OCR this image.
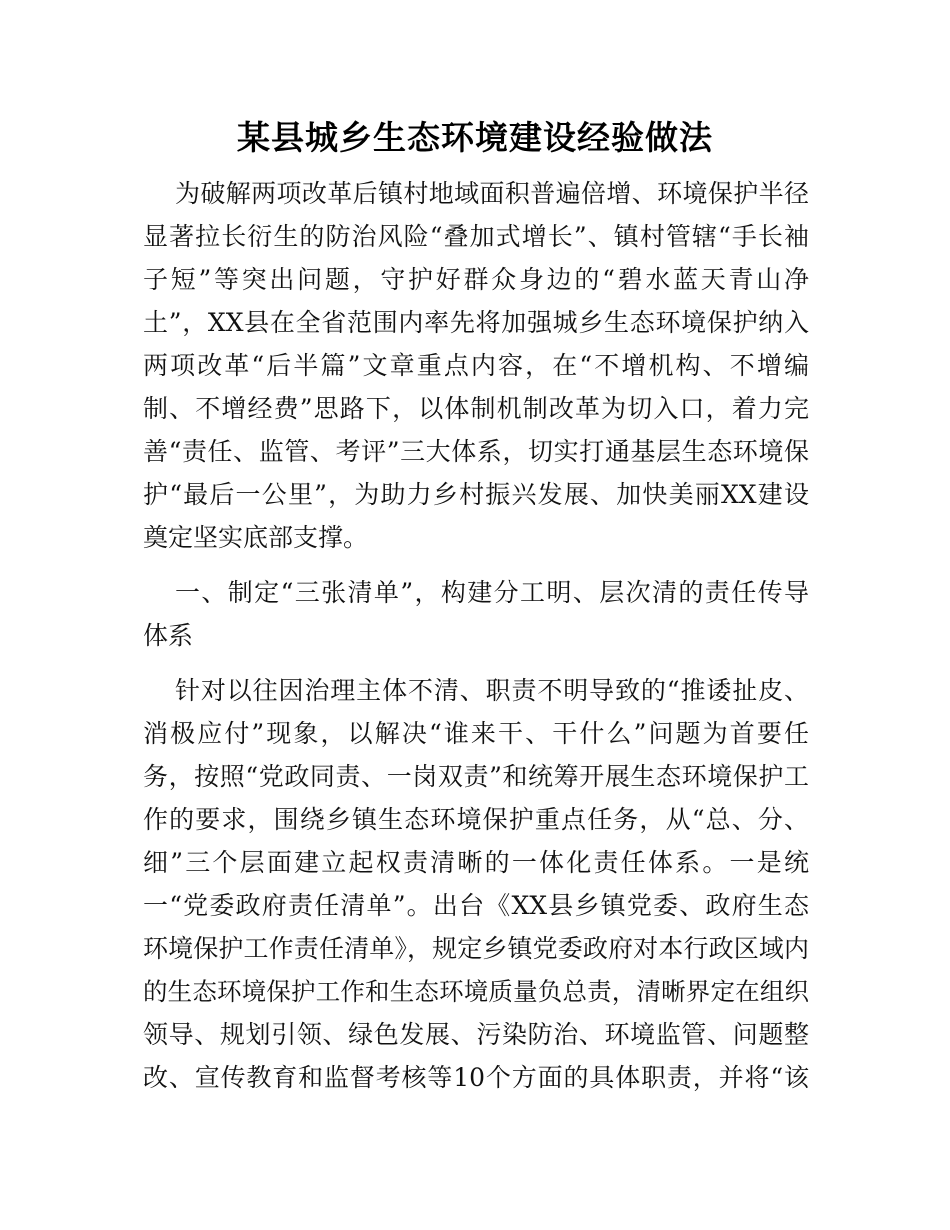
某县城乡生态环境建设经验做法

为破解两项改革后镇村地域面积普遍倍增、环境保护半径

显著拉长衍生的防治风险“叠加式增长”、镇村管辖“手长袖

子短”等突出问题，守护好群众身边的“碧水蓝天青山净

土”，XX县在全省范围内率先将加强城乡生态环境保护纳入

两项改革“后半篇”文章重点内容，在“不增机构、不增编

制、不增经费”思路下，以体制机制改革为切入口，着力完

善“责任、监管、考评”三大体系，切实打通基层生态环境保

护“最后一公里”，为助力乡村振兴发展、加快美丽XX建设

奠定坚实底部支撑。

一、制定“三张清单”，构建分工明、层次清的责任传导

体系

针对以往因治理主体不清、职责不明导致的“推诿扯皮、

消极应付”现象，以解决“谁来干、干什么”问题为首要任

务，按照“党政同责、一岗双责”和统筹开展生态环境保护工

作的要求，围绕乡镇生态环境保护重点任务，从“总、分、

细”三个层面建立起权责清晰的一体化责任体系。一是统

一“党委政府责任清单”。出台《XX县乡镇党委、政府生态

环境保护工作责任清单》，规定乡镇党委政府对本行政区域内

的生态环境保护工作和生态环境质量负总责，清晰界定在组织

领导、规划引领、绿色发展、污染防治、环境监管、问题整

改、宣传教育和监督考核等10个方面的具体职责，并将“该
